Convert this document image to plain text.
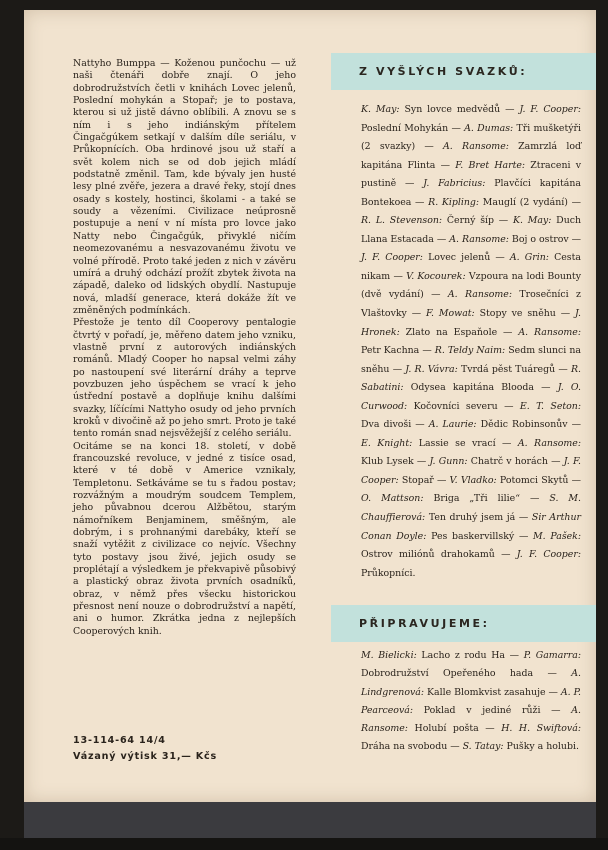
Nattyho Bumppa — Koženou punčochu — už naši čtenáři dobře znají. O jeho dobrodružstvích četli v knihách Lovec jelenů, Poslední mohykán a Stopař; je to postava, kterou si už jistě dávno oblíbili. A znovu se s ním i s jeho indiánským přítelem Čingačgúkem setkají v dalším díle seriálu, v Průkopnících. Oba hrdinové jsou už staří a svět kolem nich se od dob jejich mládí podstatně změnil. Tam, kde bývaly jen husté lesy plné zvěře, jezera a dravé řeky, stojí dnes osady s kostely, hostinci, školami - a také se soudy a vězeními. Civilizace neúprosně postupuje a není v ní místa pro lovce jako Natty nebo Čingačgúk, přivyklé ničím neomezovanému a nesvazovanému životu ve volné přírodě. Proto také jeden z nich v závěru umírá a druhý odchází prožít zbytek života na západě, daleko od lidských obydlí. Nastupuje nová, mladší generace, která dokáže žít ve změněných podmínkách.

Přestože je tento díl Cooperovy pentalogie čtvrtý v pořadí, je, měřeno datem jeho vzniku, vlastně první z autorových indiánských románů. Mladý Cooper ho napsal velmi záhy po nastoupení své literární dráhy a teprve povzbuzen jeho úspěchem se vrací k jeho ústřední postavě a doplňuje knihu dalšími svazky, líčícími Nattyho osudy od jeho prvních kroků v divočině až po jeho smrt. Proto je také tento román snad nejsvěžejší z celého seriálu.

Ocitáme se na konci 18. století, v době francouzské revoluce, v jedné z tisíce osad, které v té době v Americe vznikaly, Templetonu. Setkáváme se tu s řadou postav; rozvážným a moudrým soudcem Templem, jeho půvabnou dcerou Alžbětou, starým námořníkem Benjaminem, směšným, ale dobrým, i s prohnanými darebáky, kteří se snaží vytěžit z civilizace co nejvíc. Všechny tyto postavy jsou živé, jejich osudy se proplétají a výsledkem je překvapivě působivý a plastický obraz života prvních osadníků, obraz, v němž přes všecku historickou přesnost není nouze o dobrodružství a napětí, ani o humor. Zkrátka jedna z nejlepších Cooperových knih.

13-114-64 14/4
Vázaný výtisk 31,— Kčs
Z VYŠLÝCH SVAZKŮ:
K. May: Syn lovce medvědů — J. F. Cooper: Poslední Mohykán — A. Dumas: Tři mušketýři (2 svazky) — A. Ransome: Zamrzlá loď kapitána Flinta — F. Bret Harte: Ztraceni v pustině — J. Fabricius: Plavčíci kapitána Bontekoea — R. Kipling: Mauglí (2 vydání) — R. L. Stevenson: Černý šíp — K. May: Duch Llana Estacada — A. Ransome: Boj o ostrov — J. F. Cooper: Lovec jelenů — A. Grin: Cesta nikam — V. Kocourek: Vzpoura na lodi Bounty (dvě vydání) — A. Ransome: Trosečníci z Vlaštovky — F. Mowat: Stopy ve sněhu — J. Hronek: Zlato na Espaňole — A. Ransome: Petr Kachna — R. Teldy Naim: Sedm slunci na sněhu — J. R. Vávra: Tvrdá pěst Tuáregů — R. Sabatini: Odysea kapitána Blooda — J. O. Curwood: Kočovníci severu — E. T. Seton: Dva divoši — A. Laurie: Dědic Robinsonův — E. Knight: Lassie se vrací — A. Ransome: Klub Lysek — J. Gunn: Chatrč v horách — J. F. Cooper: Stopař — V. Vladko: Potomci Skytů — O. Mattson: Briga „Tři lilie“ — S. M. Chauffierová: Ten druhý jsem já — Sir Arthur Conan Doyle: Pes baskervillský — M. Pašek: Ostrov miliónů drahokamů — J. F. Cooper: Průkopníci.
PŘIPRAVUJEME:
M. Bielicki: Lacho z rodu Ha — P. Gamarra: Dobrodružství Opeřeného hada — A. Lindgrenová: Kalle Blomkvist zasahuje — A. P. Pearceová: Poklad v jediné růži — A. Ransome: Holubí pošta — H. H. Swiftová: Dráha na svobodu — S. Tatay: Pušky a holubi.
